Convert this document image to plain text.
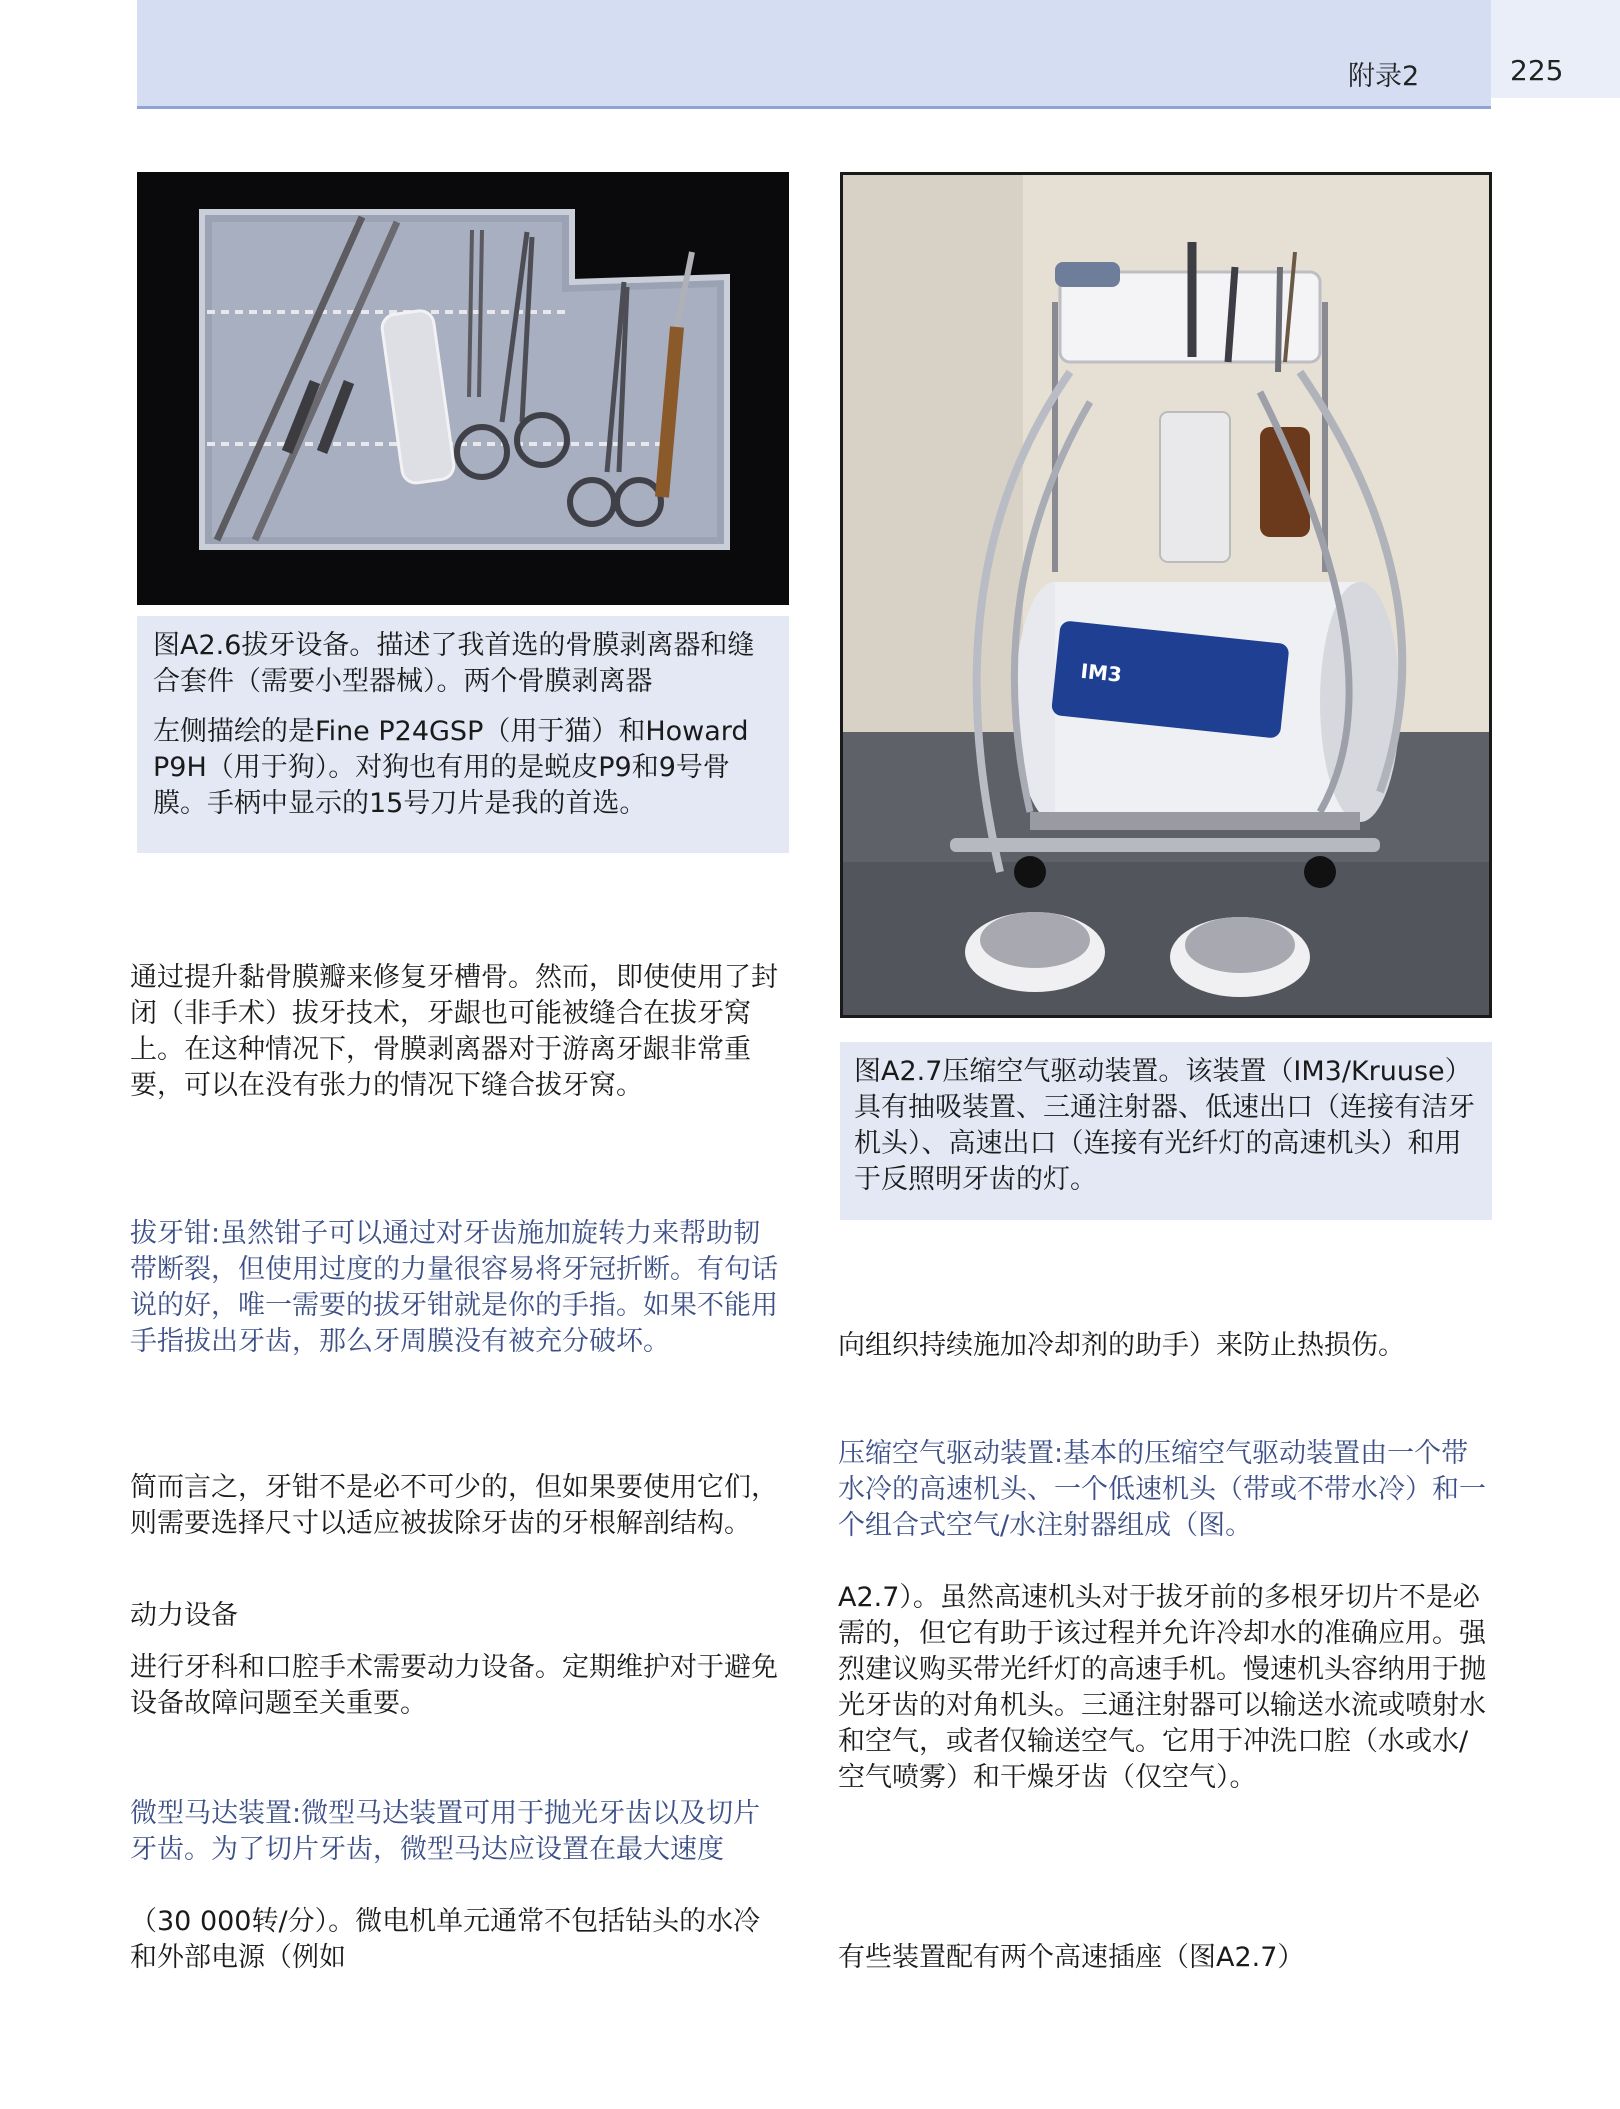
附录2	225

图A2.6拔牙设备。描述了我首选的骨膜剥离器和缝合套件（需要小型器械）。两个骨膜剥离器

左侧描绘的是Fine P24GSP（用于猫）和Howard P9H（用于狗）。对狗也有用的是蜕皮P9和9号骨膜。手柄中显示的15号刀片是我的首选。

IM3

图A2.7压缩空气驱动装置。该装置（IM3/Kruuse）具有抽吸装置、三通注射器、低速出口（连接有洁牙机头）、高速出口（连接有光纤灯的高速机头）和用于反照明牙齿的灯。

通过提升黏骨膜瓣来修复牙槽骨。然而，即使使用了封闭（非手术）拔牙技术，牙龈也可能被缝合在拔牙窝上。在这种情况下，骨膜剥离器对于游离牙龈非常重要，可以在没有张力的情况下缝合拔牙窝。

拔牙钳:虽然钳子可以通过对牙齿施加旋转力来帮助韧带断裂，但使用过度的力量很容易将牙冠折断。有句话说的好，唯一需要的拔牙钳就是你的手指。如果不能用手指拔出牙齿，那么牙周膜没有被充分破坏。

简而言之，牙钳不是必不可少的，但如果要使用它们，则需要选择尺寸以适应被拔除牙齿的牙根解剖结构。

动力设备

进行牙科和口腔手术需要动力设备。定期维护对于避免设备故障问题至关重要。

微型马达装置:微型马达装置可用于抛光牙齿以及切片牙齿。为了切片牙齿，微型马达应设置在最大速度

（30 000转/分）。微电机单元通常不包括钻头的水冷和外部电源（例如

向组织持续施加冷却剂的助手）来防止热损伤。

压缩空气驱动装置:基本的压缩空气驱动装置由一个带水冷的高速机头、一个低速机头（带或不带水冷）和一个组合式空气/水注射器组成（图。

A2.7）。虽然高速机头对于拔牙前的多根牙切片不是必需的，但它有助于该过程并允许冷却水的准确应用。强烈建议购买带光纤灯的高速手机。慢速机头容纳用于抛光牙齿的对角机头。三通注射器可以输送水流或喷射水和空气，或者仅输送空气。它用于冲洗口腔（水或水/空气喷雾）和干燥牙齿（仅空气）。

有些装置配有两个高速插座（图A2.7）
